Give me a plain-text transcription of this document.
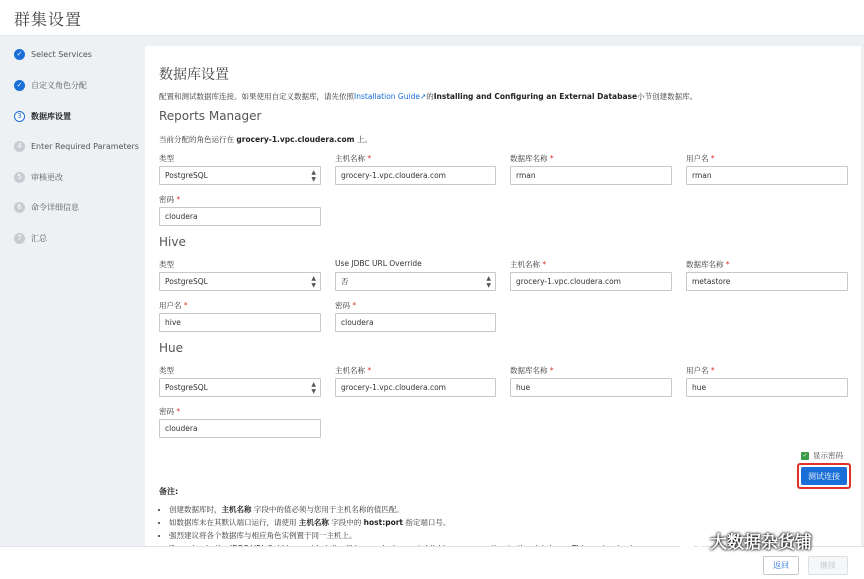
群集设置
✓	Select Services
✓	自定义角色分配
3	数据库设置
4	Enter Required Parameters
5	审核更改
6	命令详细信息
7	汇总
数据库设置
配置和测试数据库连接。如果使用自定义数据库，请先依照Installation Guide↗的Installing and Configuring an External Database小节创建数据库。
Reports Manager
当前分配的角色运行在 grocery-1.vpc.cloudera.com 上。
类型
PostgreSQL	▲
▼
主机名称 *
grocery-1.vpc.cloudera.com
数据库名称 *
rman
用户名 *
rman
密码 *
cloudera
Hive
类型
PostgreSQL	▲
▼
Use JDBC URL Override
否	▲
▼
主机名称 *
grocery-1.vpc.cloudera.com
数据库名称 *
metastore
用户名 *
hive
密码 *
cloudera
Hue
类型
PostgreSQL	▲
▼
主机名称 *
grocery-1.vpc.cloudera.com
数据库名称 *
hue
用户名 *
hue
密码 *
cloudera
✓ 显示密码
测试连接
备注:
• 创建数据库时，主机名称 字段中的值必须与您用于主机名称的值匹配。
• 如数据库未在其默认端口运行，请使用 主机名称 字段中的 host:port 指定端口号。
• 强烈建议将各个数据库与相应角色实例置于同一主机上。
•
返回	继续
大数据杂货铺
